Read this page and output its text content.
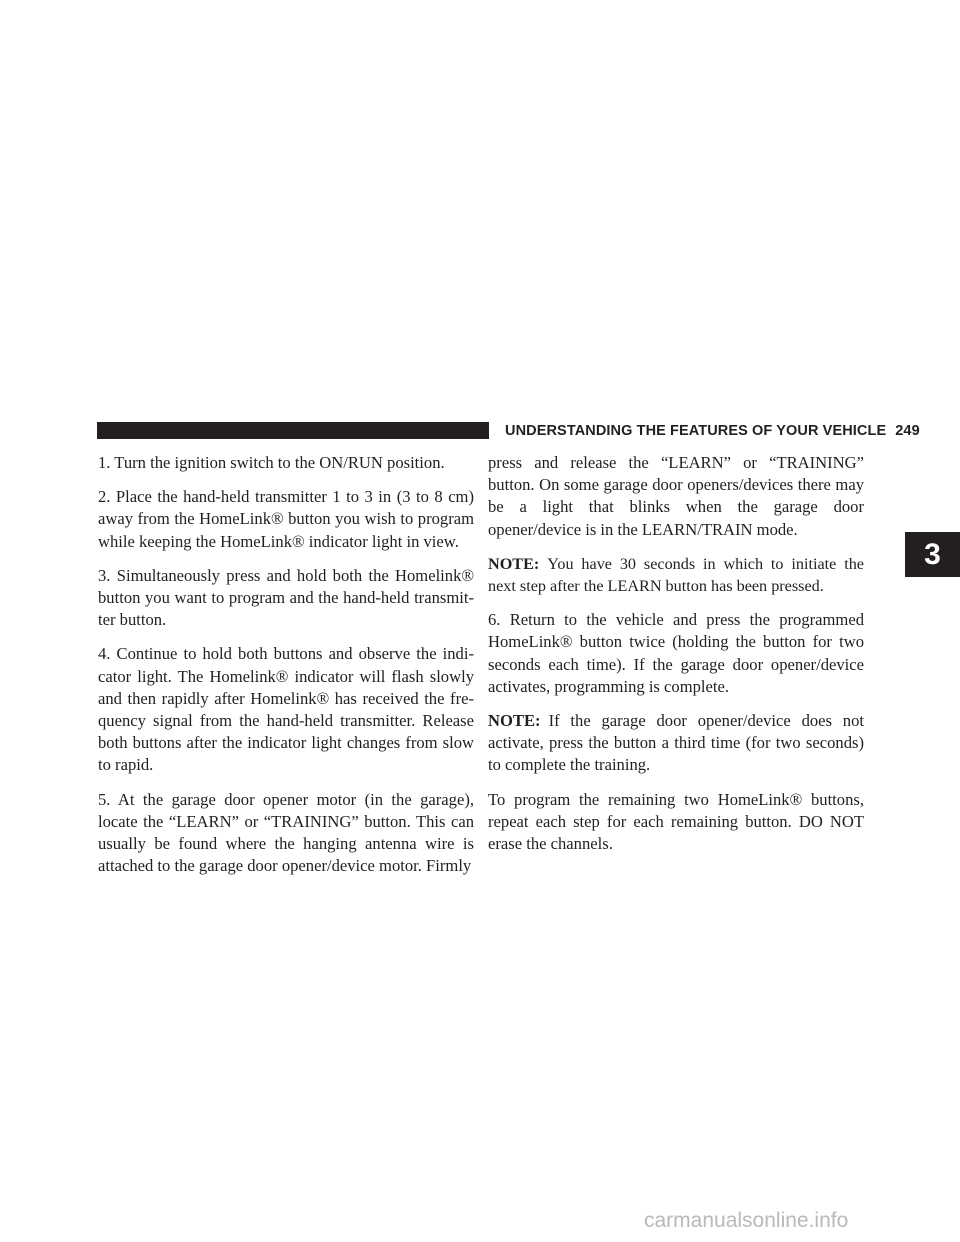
UNDERSTANDING THE FEATURES OF YOUR VEHICLE 249
3

1. Turn the ignition switch to the ON/RUN position.

2. Place the hand-held transmitter 1 to 3 in (3 to 8 cm) away from the HomeLink® button you wish to program while keeping the HomeLink® indicator light in view.

3. Simultaneously press and hold both the Homelink® button you want to program and the hand-held transmitter button.

4. Continue to hold both buttons and observe the indicator light. The Homelink® indicator will flash slowly and then rapidly after Homelink® has received the frequency signal from the hand-held transmitter. Release both buttons after the indicator light changes from slow to rapid.

5. At the garage door opener motor (in the garage), locate the “LEARN” or “TRAINING” button. This can usually be found where the hanging antenna wire is attached to the garage door opener/device motor. Firmly

press and release the “LEARN” or “TRAINING” button. On some garage door openers/devices there may be a light that blinks when the garage door opener/device is in the LEARN/TRAIN mode.

NOTE: You have 30 seconds in which to initiate the next step after the LEARN button has been pressed.

6. Return to the vehicle and press the programmed HomeLink® button twice (holding the button for two seconds each time). If the garage door opener/device activates, programming is complete.

NOTE: If the garage door opener/device does not activate, press the button a third time (for two seconds) to complete the training.

To program the remaining two HomeLink® buttons, repeat each step for each remaining button. DO NOT erase the channels.

carmanualsonline.info
